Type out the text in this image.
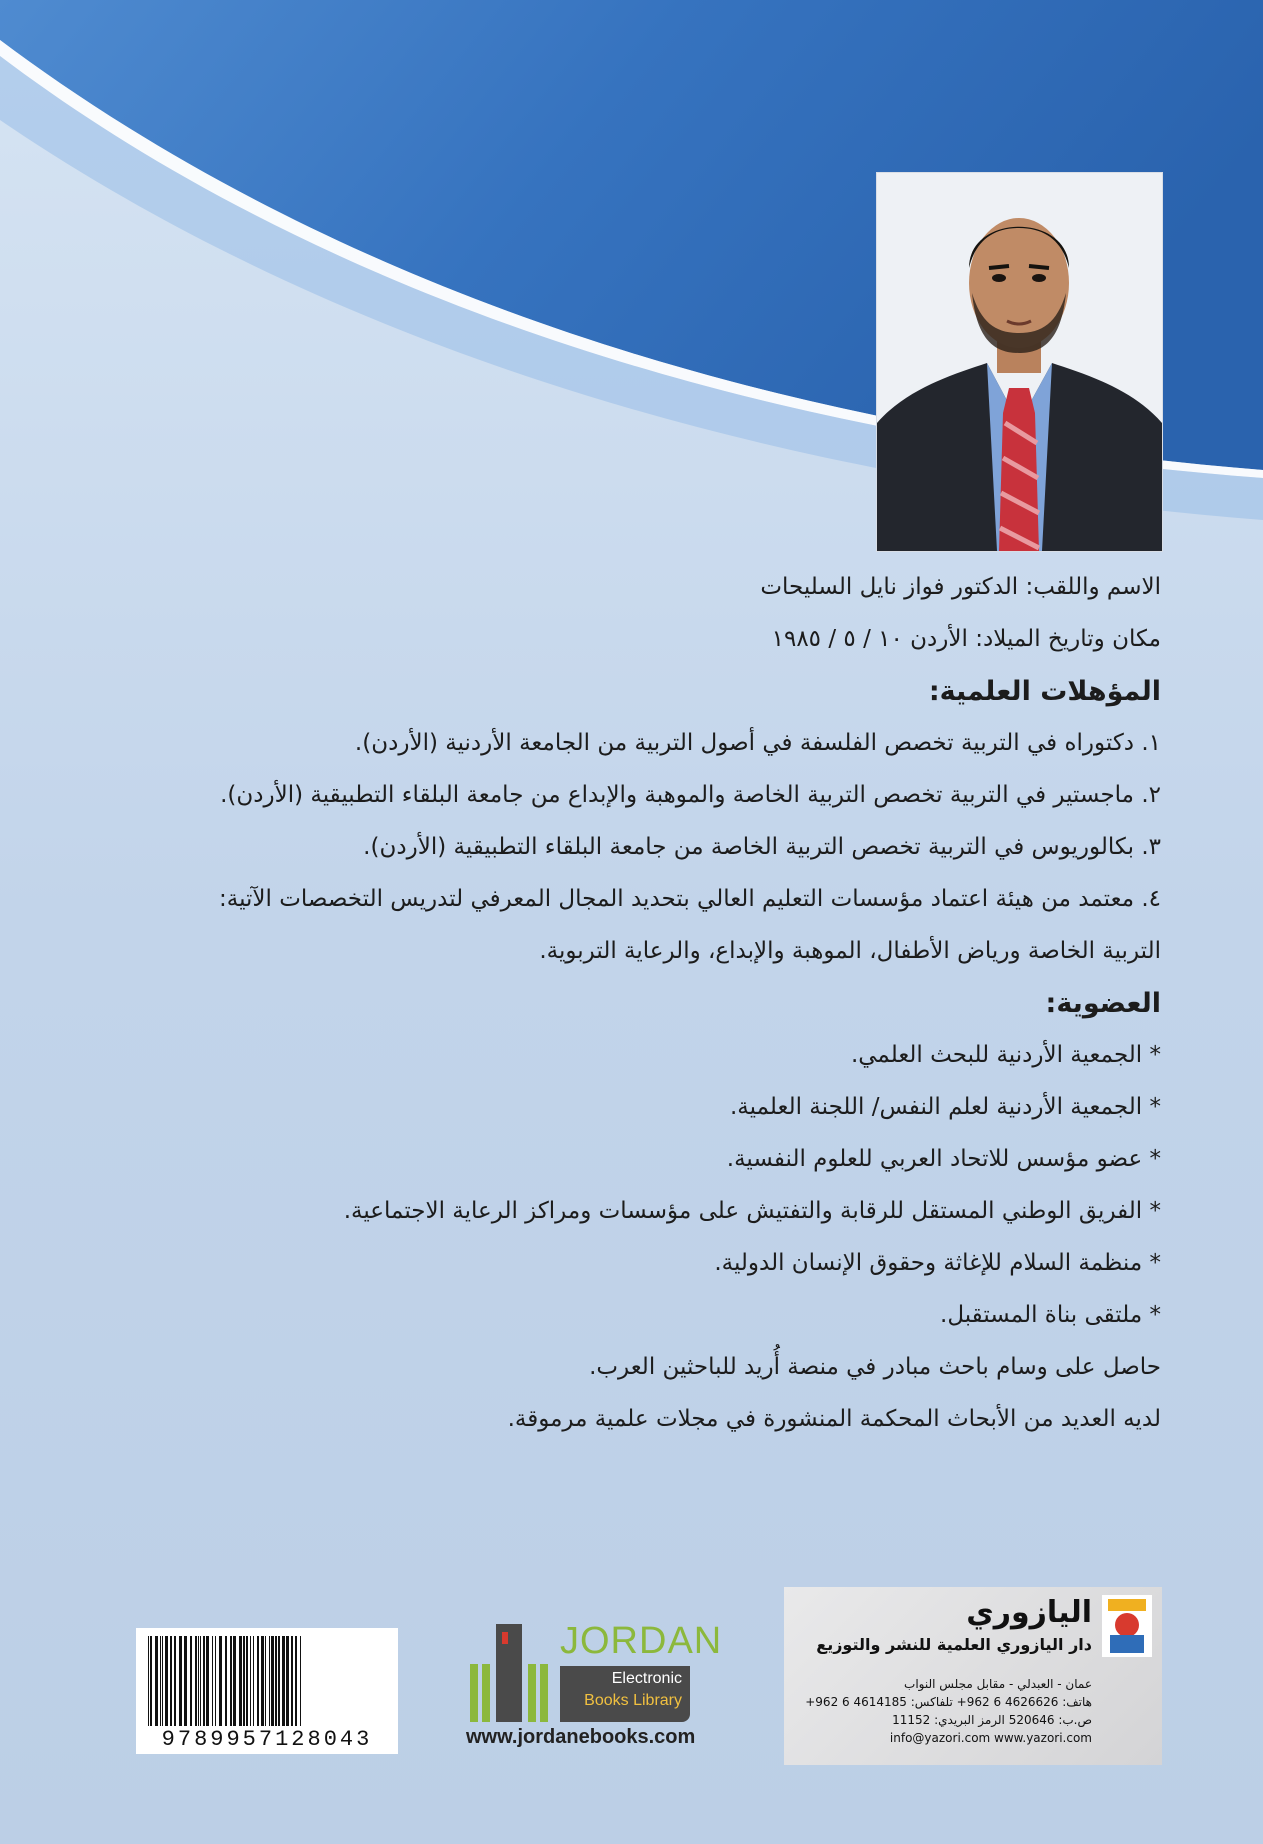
الاسم واللقب: الدكتور فواز نايل السليحات
مكان وتاريخ الميلاد: الأردن ١٠ / ٥ / ١٩٨٥
المؤهلات العلمية:
١. دكتوراه في التربية تخصص الفلسفة في أصول التربية من الجامعة الأردنية (الأردن).
٢. ماجستير في التربية تخصص التربية الخاصة والموهبة والإبداع من جامعة البلقاء التطبيقية (الأردن).
٣. بكالوريوس في التربية تخصص التربية الخاصة من جامعة البلقاء التطبيقية (الأردن).
٤. معتمد من هيئة اعتماد مؤسسات التعليم العالي بتحديد المجال المعرفي لتدريس التخصصات الآتية:
التربية الخاصة ورياض الأطفال، الموهبة والإبداع، والرعاية التربوية.
العضوية:
* الجمعية الأردنية للبحث العلمي.
* الجمعية الأردنية لعلم النفس/ اللجنة العلمية.
* عضو مؤسس للاتحاد العربي للعلوم النفسية.
* الفريق الوطني المستقل للرقابة والتفتيش على مؤسسات ومراكز الرعاية الاجتماعية.
* منظمة السلام للإغاثة وحقوق الإنسان الدولية.
* ملتقى بناة المستقبل.
حاصل على وسام باحث مبادر في منصة أُريد للباحثين العرب.
لديه العديد من الأبحاث المحكمة المنشورة في مجلات علمية مرموقة.
اليازوري
دار اليازوري العلمية للنشر والتوزيع
عمان - العبدلي - مقابل مجلس النواب
هاتف: 4626626 6 962+ تلفاكس: 4614185 6 962+
ص.ب: 520646 الرمز البريدي: 11152
info@yazori.com www.yazori.com
JORDAN
Electronic
Books Library
www.jordanebooks.com
9789957128043
